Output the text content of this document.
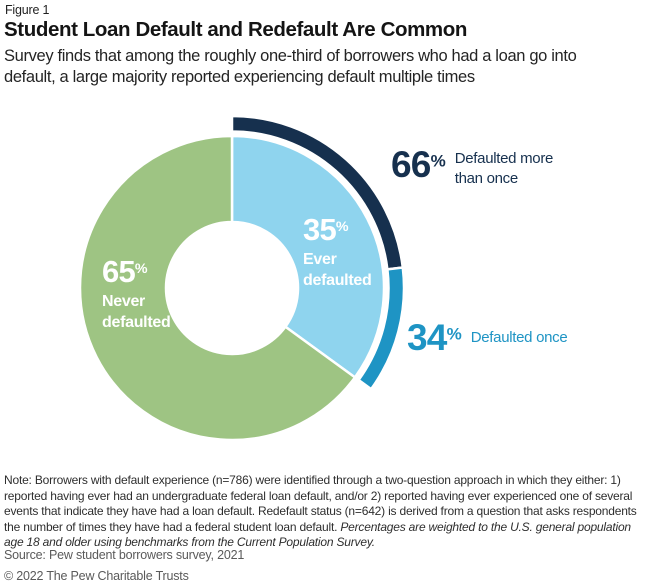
Figure 1
Student Loan Default and Redefault Are Common
Survey finds that among the roughly one-third of borrowers who had a loan go into default, a large majority reported experiencing default multiple times
65%
Never defaulted
35%
Ever defaulted
66% Defaulted more than once
34% Defaulted once

Note: Borrowers with default experience (n=786) were identified through a two-question approach in which they either: 1) reported having ever had an undergraduate federal loan default, and/or 2) reported having ever experienced one of several events that indicate they have had a loan default. Redefault status (n=642) is derived from a question that asks respondents the number of times they have had a federal student loan default. Percentages are weighted to the U.S. general population age 18 and older using benchmarks from the Current Population Survey.

Source: Pew student borrowers survey, 2021
© 2022 The Pew Charitable Trusts
